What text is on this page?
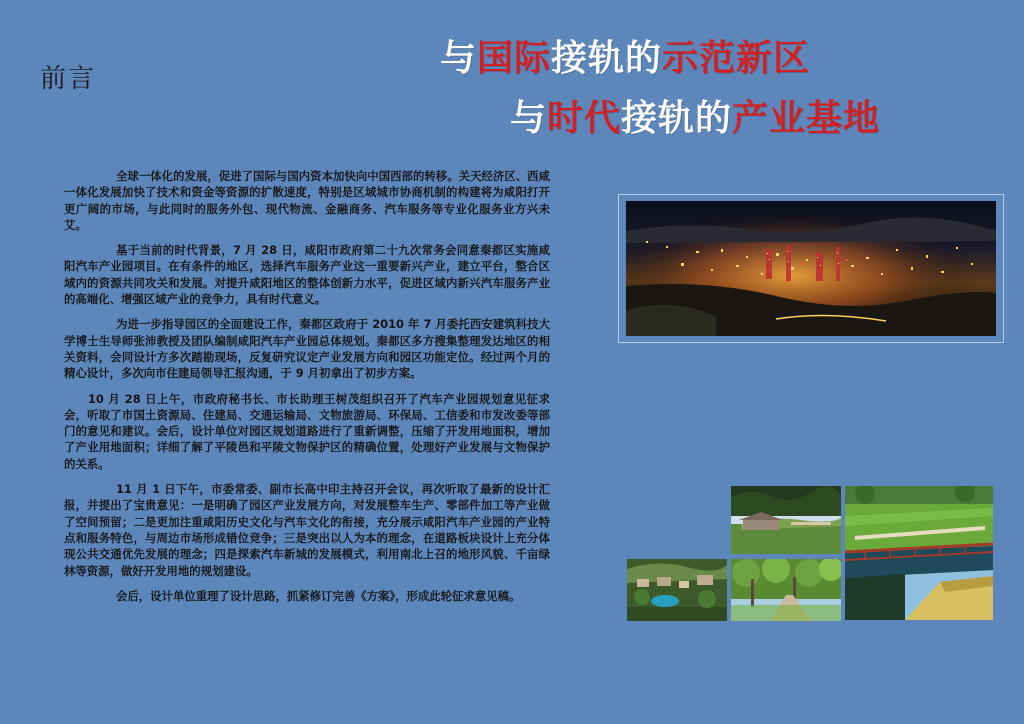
前言	与国际接轨的示范新区
与时代接轨的产业基地

全球一体化的发展，促进了国际与国内资本加快向中国西部的转移。关天经济区、西咸一体化发展加快了技术和资金等资源的扩散速度，特别是区域城市协商机制的构建将为咸阳打开更广阔的市场，与此同时的服务外包、现代物流、金融商务、汽车服务等专业化服务业方兴未艾。

基于当前的时代背景，7 月 28 日，咸阳市政府第二十九次常务会同意秦都区实施咸阳汽车产业园项目。在有条件的地区，选择汽车服务产业这一重要新兴产业，建立平台，整合区域内的资源共同攻关和发展。对提升咸阳地区的整体创新力水平，促进区域内新兴汽车服务产业的高端化、增强区域产业的竞争力，具有时代意义。

为进一步指导园区的全面建设工作，秦都区政府于 2010 年 7 月委托西安建筑科技大学博士生导师张沛教授及团队编制咸阳汽车产业园总体规划。秦都区多方搜集整理发达地区的相关资料，会同设计方多次踏勘现场，反复研究议定产业发展方向和园区功能定位。经过两个月的精心设计，多次向市住建局领导汇报沟通，于 9 月初拿出了初步方案。

10 月 28 日上午，市政府秘书长、市长助理王树茂组织召开了汽车产业园规划意见征求会，听取了市国土资源局、住建局、交通运输局、文物旅游局、环保局、工信委和市发改委等部门的意见和建议。会后，设计单位对园区规划道路进行了重新调整，压缩了开发用地面积，增加了产业用地面积；详细了解了平陵邑和平陵文物保护区的精确位置，处理好产业发展与文物保护的关系。

11 月 1 日下午，市委常委、副市长高中印主持召开会议，再次听取了最新的设计汇报，并提出了宝贵意见：一是明确了园区产业发展方向，对发展整车生产、零部件加工等产业做了空间预留；二是更加注重咸阳历史文化与汽车文化的衔接，充分展示咸阳汽车产业园的产业特点和服务特色，与周边市场形成错位竞争；三是突出以人为本的理念，在道路板块设计上充分体现公共交通优先发展的理念；四是探索汽车新城的发展模式，利用南北上召的地形风貌、千亩绿林等资源，做好开发用地的规划建设。

会后，设计单位重理了设计思路，抓紧修订完善《方案》，形成此轮征求意见稿。
